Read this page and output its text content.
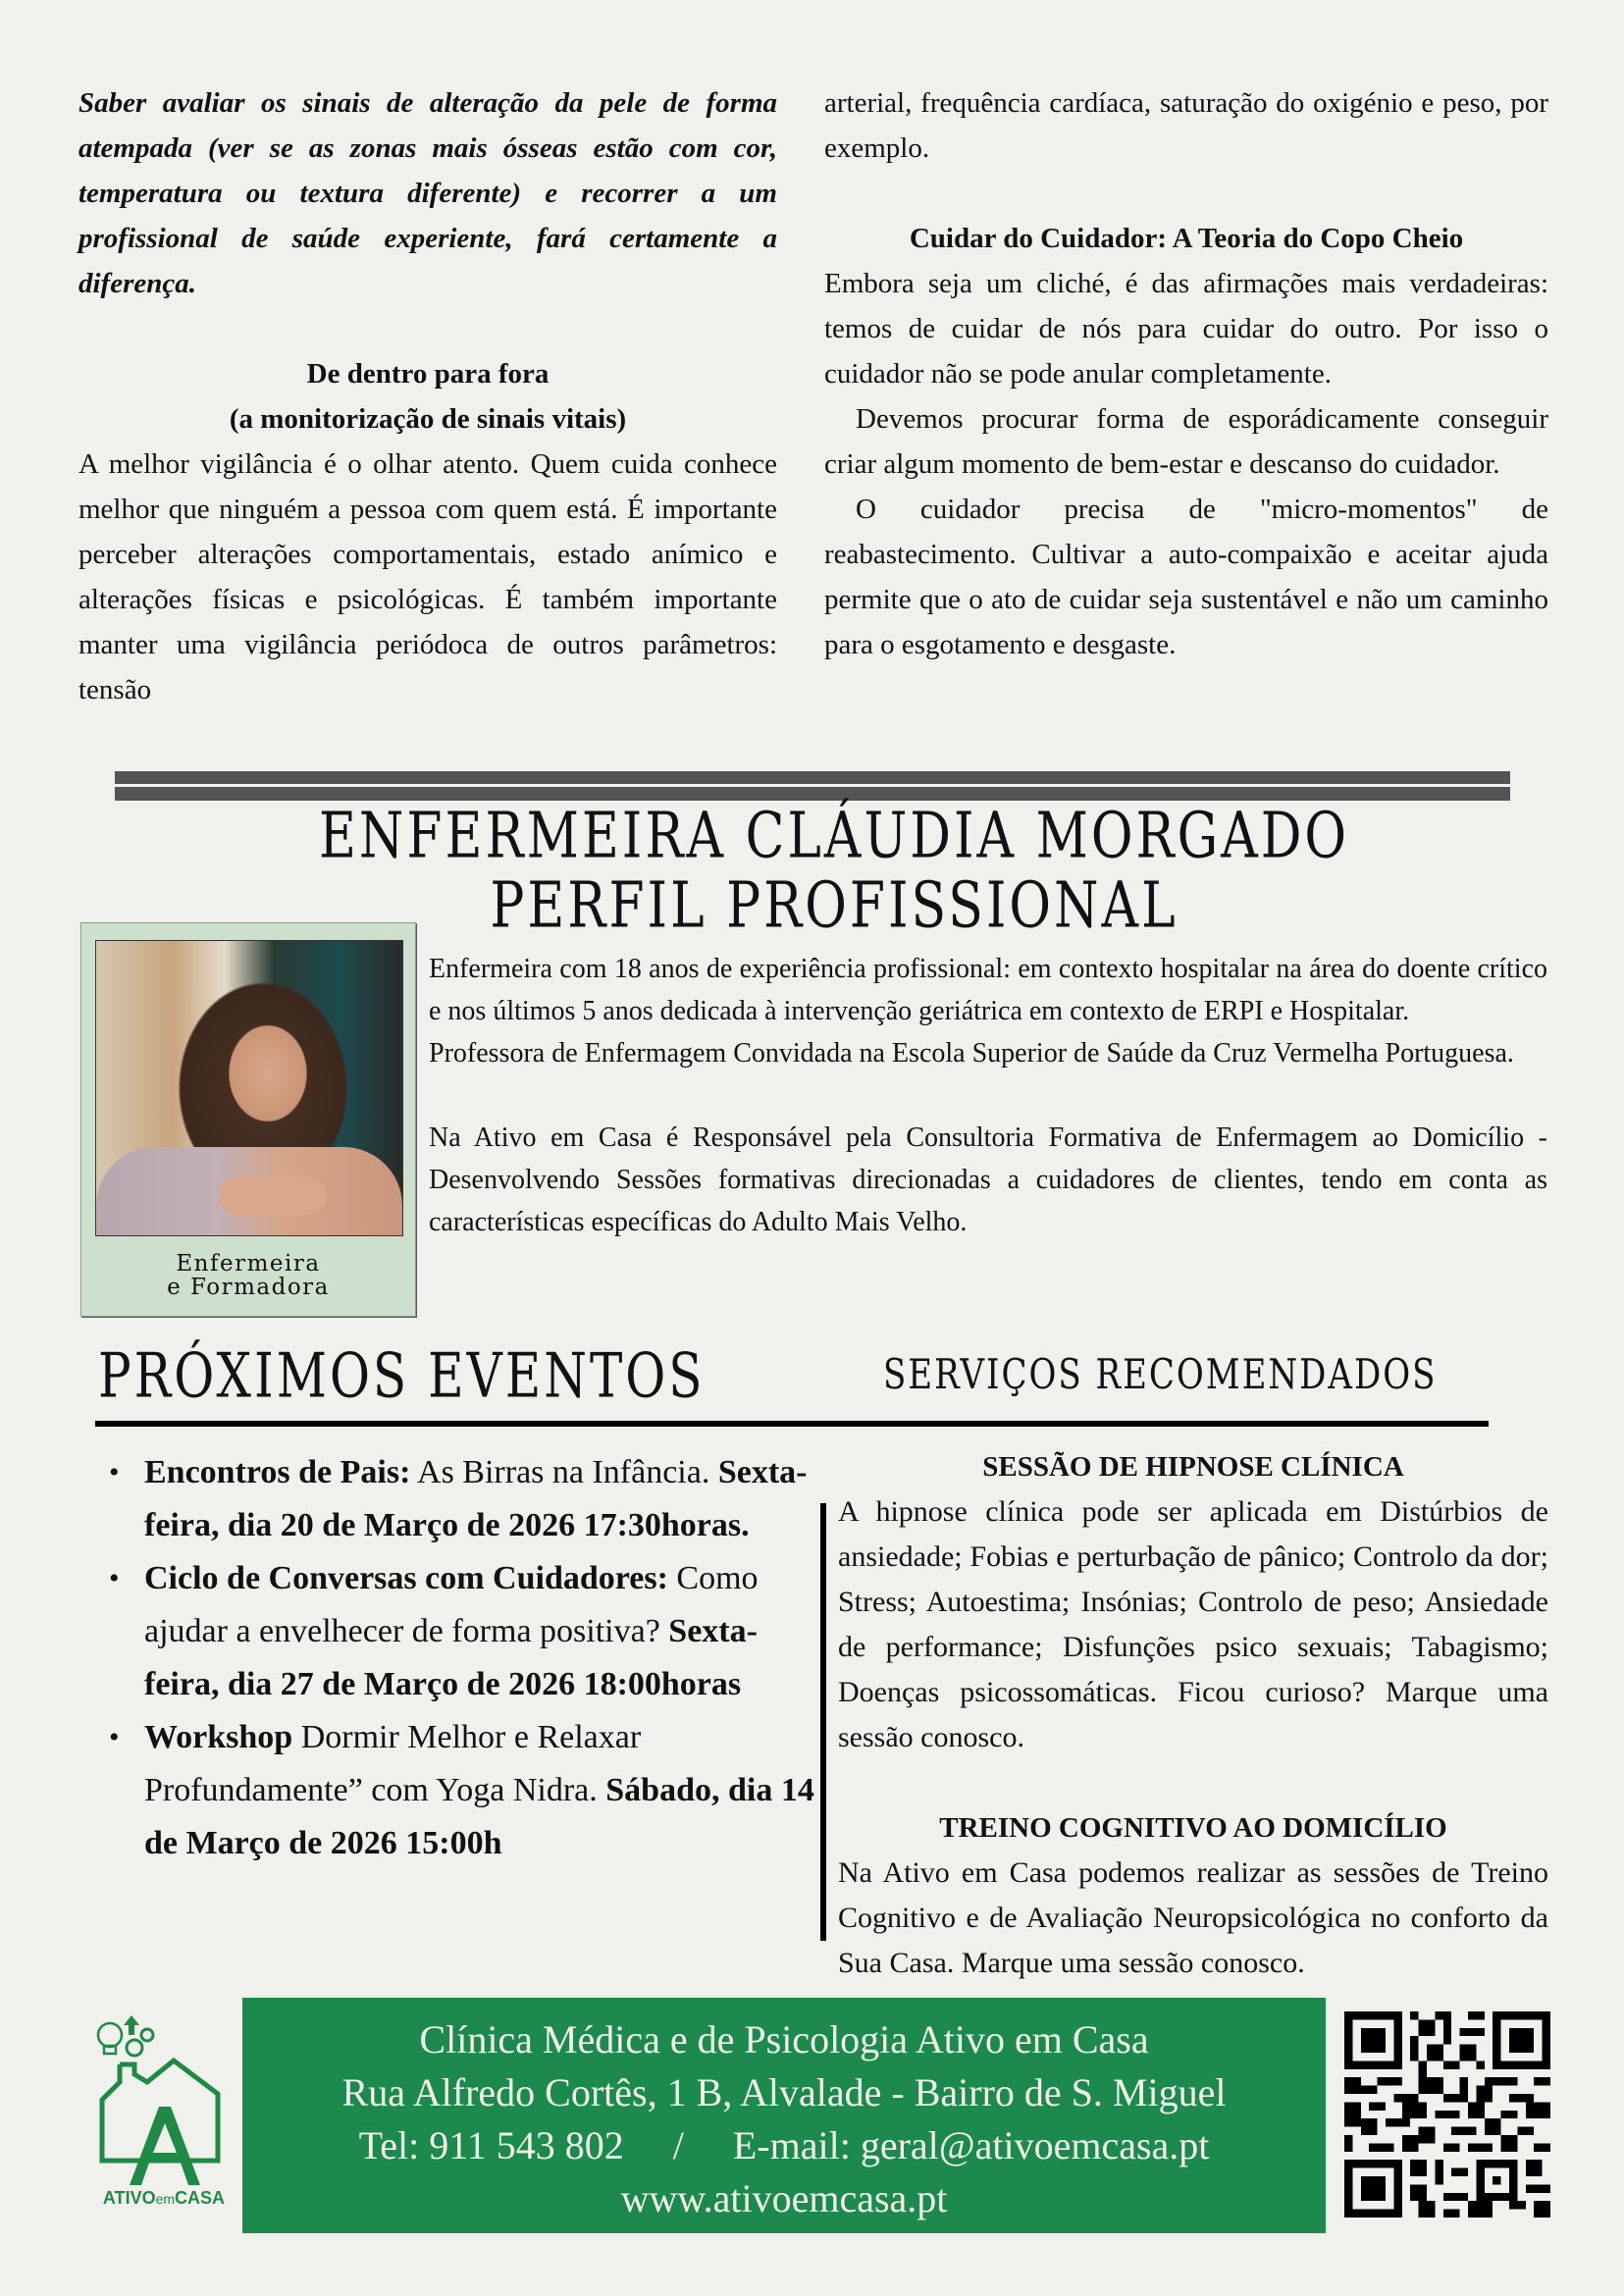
Saber avaliar os sinais de alteração da pele de forma atempada (ver se as zonas mais ósseas estão com cor, temperatura ou textura diferente) e recorrer a um profissional de saúde experiente, fará certamente a diferença.
De dentro para fora
(a monitorização de sinais vitais)
A melhor vigilância é o olhar atento. Quem cuida conhece melhor que ninguém a pessoa com quem está. É importante perceber alterações comportamentais, estado anímico e alterações físicas e psicológicas. É também importante manter uma vigilância periódoca de outros parâmetros: tensão
arterial, frequência cardíaca, saturação do oxigénio e peso, por exemplo.
Cuidar do Cuidador: A Teoria do Copo Cheio
Embora seja um cliché, é das afirmações mais verdadeiras: temos de cuidar de nós para cuidar do outro. Por isso o cuidador não se pode anular completamente.
Devemos procurar forma de esporádicamente conseguir criar algum momento de bem-estar e descanso do cuidador.
O cuidador precisa de "micro-momentos" de reabastecimento. Cultivar a auto-compaixão e aceitar ajuda permite que o ato de cuidar seja sustentável e não um caminho para o esgotamento e desgaste.
ENFERMEIRA CLÁUDIA MORGADO
PERFIL PROFISSIONAL
Enfermeira
e Formadora

Enfermeira com 18 anos de experiência profissional: em contexto hospitalar na área do doente crítico e nos últimos 5 anos dedicada à intervenção geriátrica em contexto de ERPI e Hospitalar.

Professora de Enfermagem Convidada na Escola Superior de Saúde da Cruz Vermelha Portuguesa.

Na Ativo em Casa é Responsável pela Consultoria Formativa de Enfermagem ao Domicílio - Desenvolvendo Sessões formativas direcionadas a cuidadores de clientes, tendo em conta as características específicas do Adulto Mais Velho.

PRÓXIMOS EVENTOS	SERVIÇOS RECOMENDADOS
• Encontros de Pais: As Birras na Infância. Sexta-feira, dia 20 de Março de 2026 17:30horas.
• Ciclo de Conversas com Cuidadores: Como ajudar a envelhecer de forma positiva? Sexta-feira, dia 27 de Março de 2026 18:00horas
• Workshop Dormir Melhor e Relaxar Profundamente” com Yoga Nidra. Sábado, dia 14 de Março de 2026 15:00h
SESSÃO DE HIPNOSE CLÍNICA

A hipnose clínica pode ser aplicada em Distúrbios de ansiedade; Fobias e perturbação de pânico; Controlo da dor; Stress; Autoestima; Insónias; Controlo de peso; Ansiedade de performance; Disfunções psico sexuais; Tabagismo; Doenças psicossomáticas. Ficou curioso? Marque uma sessão conosco.

TREINO COGNITIVO AO DOMICÍLIO

Na Ativo em Casa podemos realizar as sessões de Treino Cognitivo e de Avaliação Neuropsicológica no conforto da Sua Casa. Marque uma sessão conosco.

ATIVOemCASA
Clínica Médica e de Psicologia Ativo em Casa
Rua Alfredo Cortês, 1 B, Alvalade - Bairro de S. Miguel
Tel: 911 543 802     /     E-mail: geral@ativoemcasa.pt
www.ativoemcasa.pt
